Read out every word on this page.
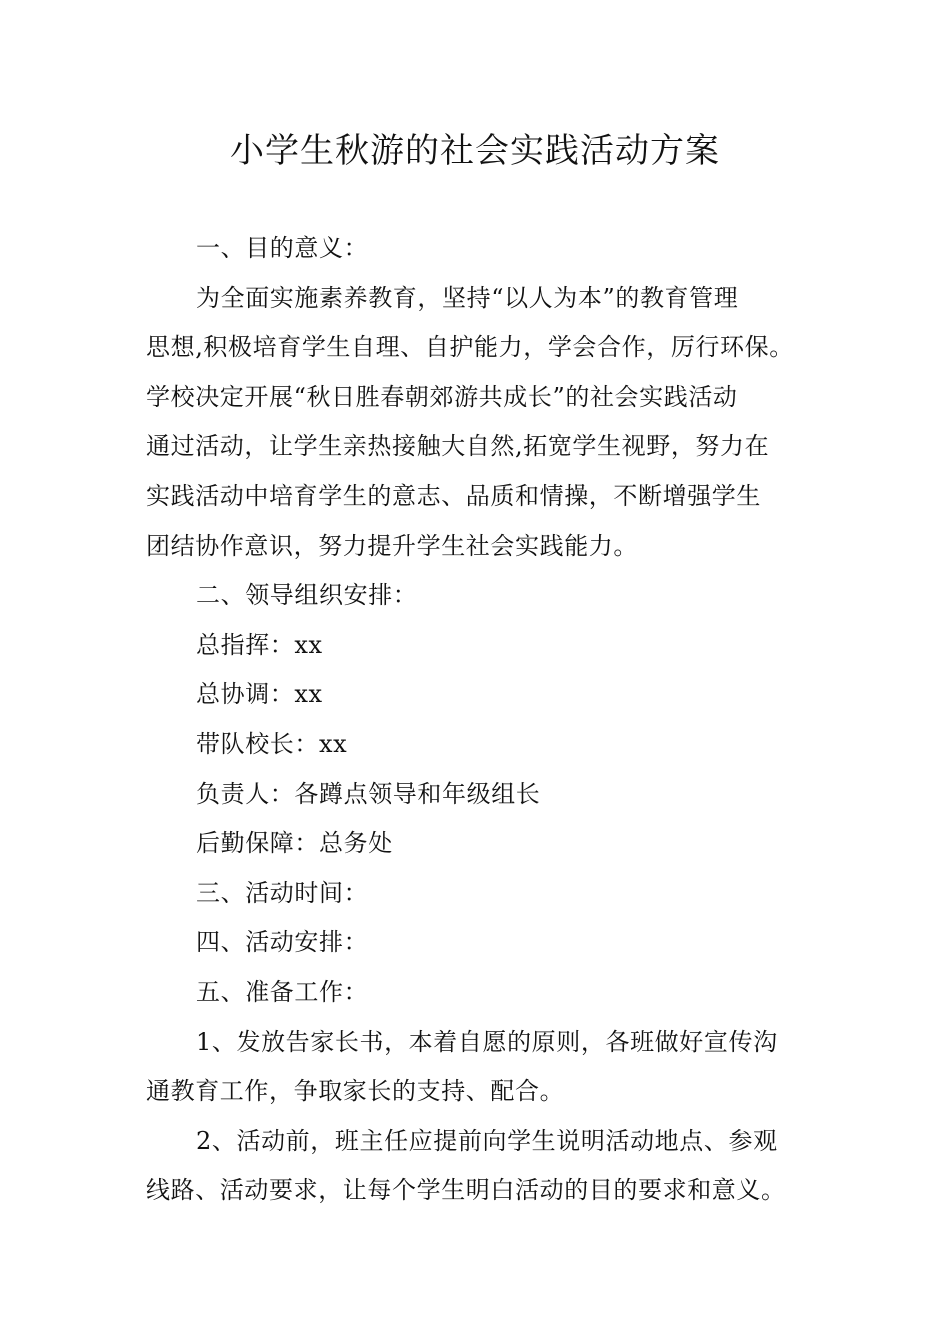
小学生秋游的社会实践活动方案
一、目的意义：
为全面实施素养教育，坚持“以人为本”的教育管理
思想,积极培育学生自理、自护能力，学会合作，厉行环保。
学校决定开展“秋日胜春朝郊游共成长”的社会实践活动
通过活动，让学生亲热接触大自然,拓宽学生视野，努力在
实践活动中培育学生的意志、品质和情操，不断增强学生
团结协作意识，努力提升学生社会实践能力。
二、领导组织安排：
总指挥：xx
总协调：xx
带队校长：xx
负责人：各蹲点领导和年级组长
后勤保障：总务处
三、活动时间：
四、活动安排：
五、准备工作：
1、发放告家长书，本着自愿的原则，各班做好宣传沟
通教育工作，争取家长的支持、配合。
2、活动前，班主任应提前向学生说明活动地点、参观
线路、活动要求，让每个学生明白活动的目的要求和意义。
